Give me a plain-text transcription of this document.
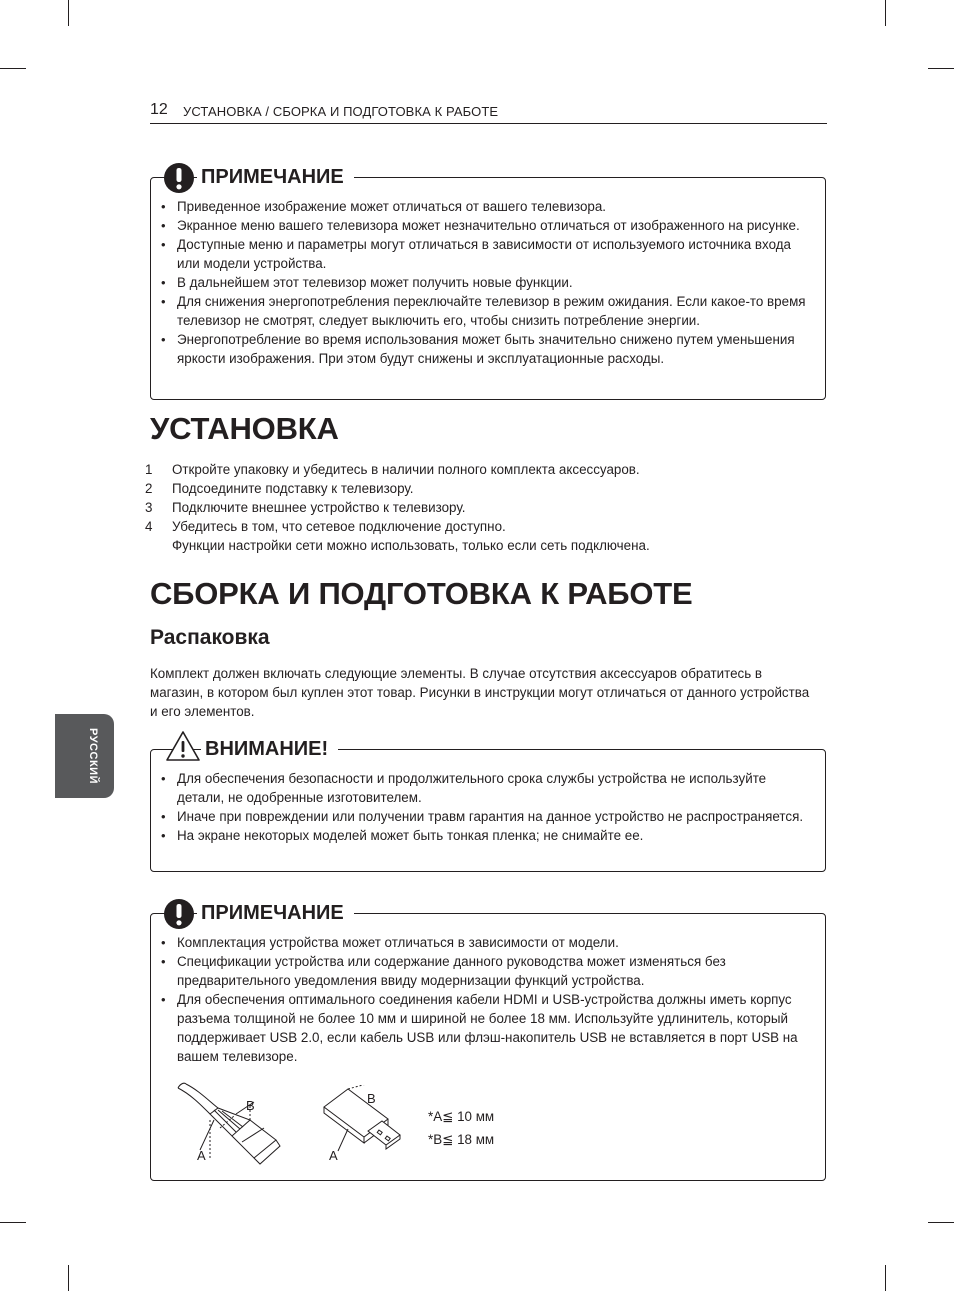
12 УСТАНОВКА / СБОРКА И ПОДГОТОВКА К РАБОТЕ
ПРИМЕЧАНИЕ
• Приведенное изображение может отличаться от вашего телевизора.
• Экранное меню вашего телевизора может незначительно отличаться от изображенного на рисунке.
• Доступные меню и параметры могут отличаться в зависимости от используемого источника входа или модели устройства.
• В дальнейшем этот телевизор может получить новые функции.
• Для снижения энергопотребления переключайте телевизор в режим ожидания. Если какое-то время телевизор не смотрят, следует выключить его, чтобы снизить потребление энергии.
• Энергопотребление во время использования может быть значительно снижено путем уменьшения яркости изображения. При этом будут снижены и эксплуатационные расходы.
УСТАНОВКА
1 Откройте упаковку и убедитесь в наличии полного комплекта аксессуаров.
2 Подсоедините подставку к телевизору.
3 Подключите внешнее устройство к телевизору.
4 Убедитесь в том, что сетевое подключение доступно.
Функции настройки сети можно использовать, только если сеть подключена.
СБОРКА И ПОДГОТОВКА К РАБОТЕ
Распаковка
Комплект должен включать следующие элементы. В случае отсутствия аксессуаров обратитесь в магазин, в котором был куплен этот товар. Рисунки в инструкции могут отличаться от данного устройства и его элементов.
РУССКИЙ	ВНИМАНИЕ!
• Для обеспечения безопасности и продолжительного срока службы устройства не используйте детали, не одобренные изготовителем.
• Иначе при повреждении или получении травм гарантия на данное устройство не распространяется.
• На экране некоторых моделей может быть тонкая пленка; не снимайте ее.
ПРИМЕЧАНИЕ
• Комплектация устройства может отличаться в зависимости от модели.
• Спецификации устройства или содержание данного руководства может изменяться без предварительного уведомления ввиду модернизации функций устройства.
• Для обеспечения оптимального соединения кабели HDMI и USB-устройства должны иметь корпус разъема толщиной не более 10 мм и шириной не более 18 мм. Используйте удлинитель, который поддерживает USB 2.0, если кабель USB или флэш-накопитель USB не вставляется в порт USB на вашем телевизоре.
B
A
B
A
*A≦ 10 мм
*B≦ 18 мм
